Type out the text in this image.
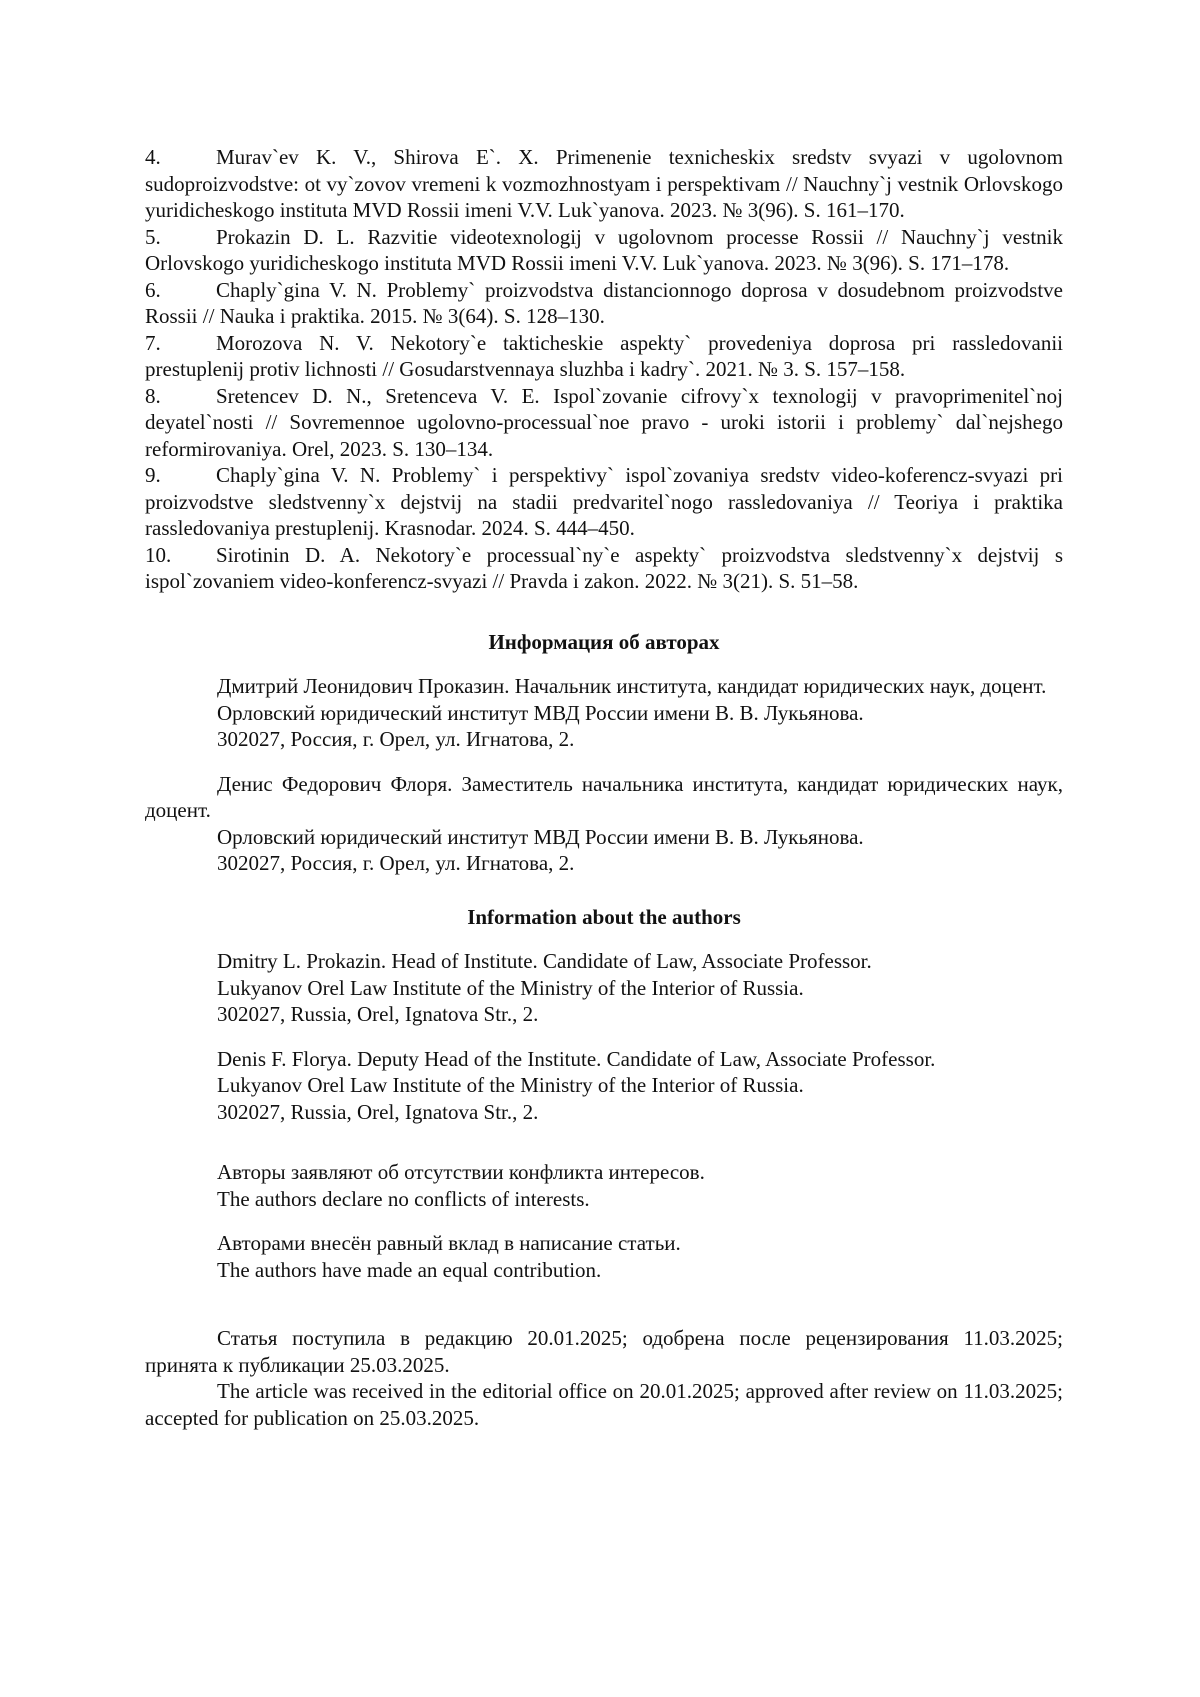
4.	Murav`ev K. V., Shirova E`. X. Primenenie texnicheskix sredstv svyazi v ugolovnom sudoproizvodstve: ot vy`zovov vremeni k vozmozhnostyam i perspektivam // Nauchny`j vestnik Orlovskogo yuridicheskogo instituta MVD Rossii imeni V.V. Luk`yanova. 2023. № 3(96). S. 161–170.

5.	Prokazin D. L. Razvitie videotexnologij v ugolovnom processe Rossii // Nauchny`j vestnik Orlovskogo yuridicheskogo instituta MVD Rossii imeni V.V. Luk`yanova. 2023. № 3(96). S. 171–178.

6.	Chaply`gina V. N. Problemy` proizvodstva distancionnogo doprosa v dosudebnom proizvodstve Rossii // Nauka i praktika. 2015. № 3(64). S. 128–130.

7.	Morozova N. V. Nekotory`e takticheskie aspekty` provedeniya doprosa pri rassledovanii prestuplenij protiv lichnosti // Gosudarstvennaya sluzhba i kadry`. 2021. № 3. S. 157–158.

8.	Sretencev D. N., Sretenceva V. E. Ispol`zovanie cifrovy`x texnologij v pravoprimenitel`noj deyatel`nosti // Sovremennoe ugolovno-processual`noe pravo - uroki istorii i problemy` dal`nejshego reformirovaniya. Orel, 2023. S. 130–134.

9.	Chaply`gina V. N. Problemy` i perspektivy` ispol`zovaniya sredstv video-koferencz-svyazi pri proizvodstve sledstvenny`x dejstvij na stadii predvaritel`nogo rassledovaniya // Teoriya i praktika rassledovaniya prestuplenij. Krasnodar. 2024. S. 444–450.

10. Sirotinin D. A. Nekotory`e processual`ny`e aspekty` proizvodstva sledstvenny`x dejstvij s ispol`zovaniem video-konferencz-svyazi // Pravda i zakon. 2022. № 3(21). S. 51–58.

Информация об авторах

Дмитрий Леонидович Проказин. Начальник института, кандидат юридических наук, доцент.

Орловский юридический институт МВД России имени В. В. Лукьянова.

302027, Россия, г. Орел, ул. Игнатова, 2.

Денис Федорович Флоря. Заместитель начальника института, кандидат юридических наук, доцент.

Орловский юридический институт МВД России имени В. В. Лукьянова.

302027, Россия, г. Орел, ул. Игнатова, 2.

Information about the authors

Dmitry L. Prokazin. Head of Institute. Candidate of Law, Associate Professor.

Lukyanov Orel Law Institute of the Ministry of the Interior of Russia.

302027, Russia, Orel, Ignatova Str., 2.

Denis F. Florya. Deputy Head of the Institute. Candidate of Law, Associate Professor.

Lukyanov Orel Law Institute of the Ministry of the Interior of Russia.

302027, Russia, Orel, Ignatova Str., 2.

Авторы заявляют об отсутствии конфликта интересов.

The authors declare no conflicts of interests.

Авторами внесён равный вклад в написание статьи.

The authors have made an equal contribution.

Статья поступила в редакцию 20.01.2025; одобрена после рецензирования 11.03.2025; принята к публикации 25.03.2025.

The article was received in the editorial office on 20.01.2025; approved after review on 11.03.2025; accepted for publication on 25.03.2025.
